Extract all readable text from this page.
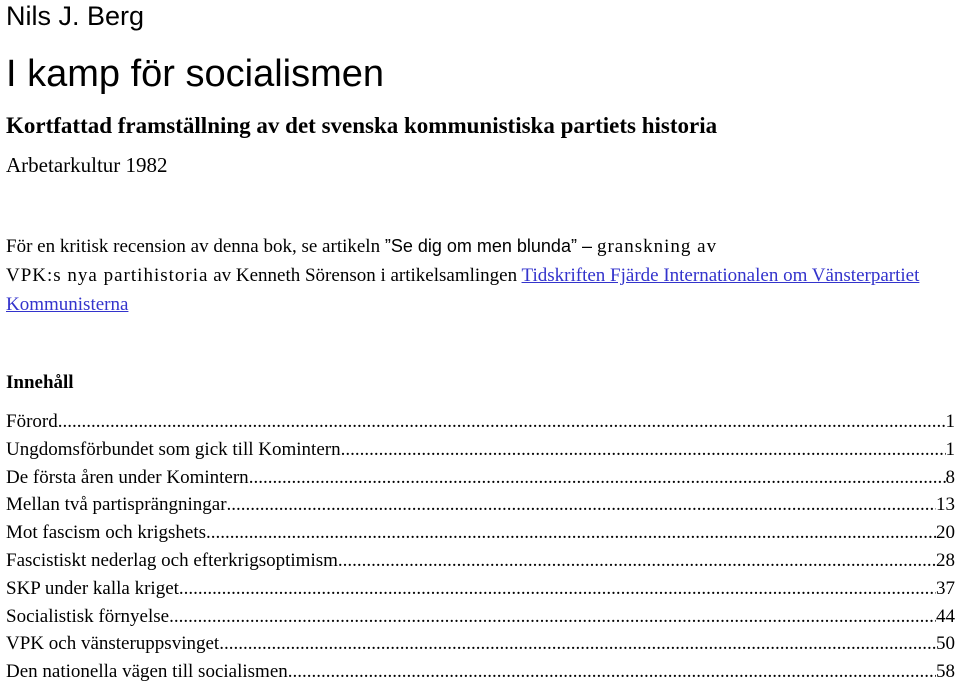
Nils J. Berg
I kamp för socialismen
Kortfattad framställning av det svenska kommunistiska partiets historia
Arbetarkultur 1982
För en kritisk recension av denna bok, se artikeln ”Se dig om men blunda” – granskning av
VPK:s nya partihistoria av Kenneth Sörenson i artikelsamlingen Tidskriften Fjärde Internationalen om Vänsterpartiet Kommunisterna
Innehåll
Förord .....	1
Ungdomsförbundet som gick till Komintern .....	1
De första åren under Komintern .....	8
Mellan två partisprängningar .....	13
Mot fascism och krigshets .....	20
Fascistiskt nederlag och efterkrigsoptimism .....	28
SKP under kalla kriget .....	37
Socialistisk förnyelse .....	44
VPK och vänsteruppsvinget .....	50
Den nationella vägen till socialismen .....	58
